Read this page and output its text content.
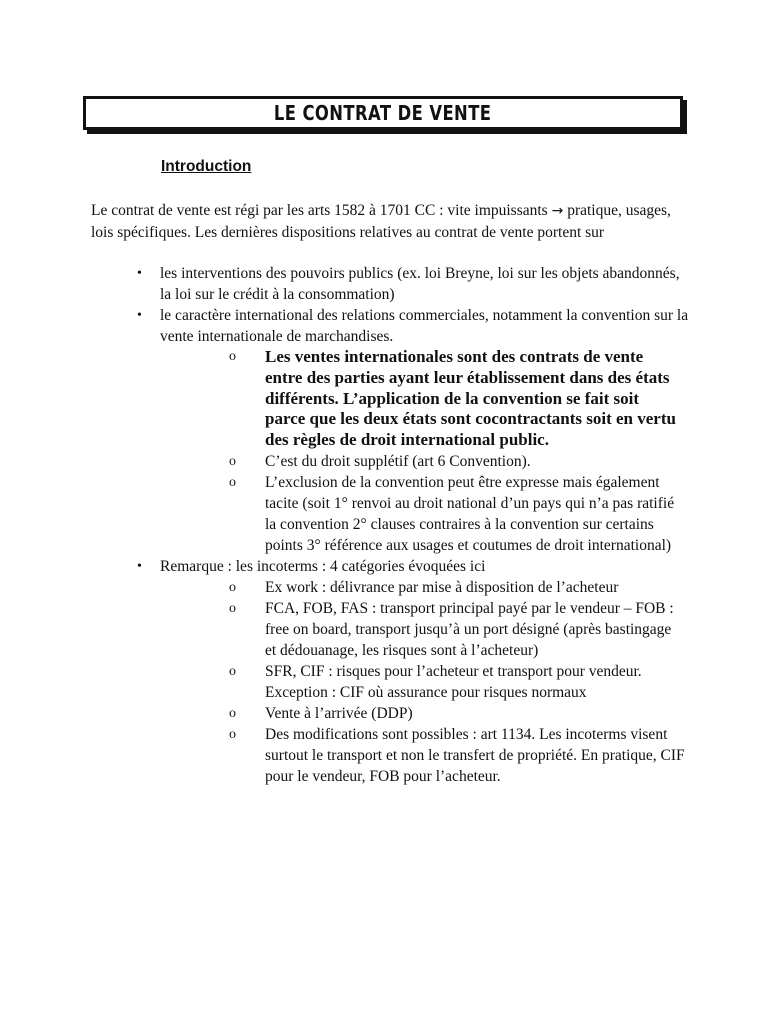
LE CONTRAT DE VENTE
Introduction
Le contrat de vente est régi par les arts 1582 à 1701 CC : vite impuissants → pratique, usages, lois spécifiques. Les dernières dispositions relatives au contrat de vente portent sur
• les interventions des pouvoirs publics (ex. loi Breyne, loi sur les objets abandonnés, la loi sur le crédit à la consommation)
• le caractère international des relations commerciales, notamment la convention sur la vente internationale de marchandises.
o Les ventes internationales sont des contrats de vente entre des parties ayant leur établissement dans des états différents. L’application de la convention se fait soit parce que les deux états sont cocontractants soit en vertu des règles de droit international public.
o C’est du droit supplétif (art 6 Convention).
o L’exclusion de la convention peut être expresse mais également tacite (soit 1° renvoi au droit national d’un pays qui n’a pas ratifié la convention 2° clauses contraires à la convention sur certains points 3° référence aux usages et coutumes de droit international)
• Remarque : les incoterms : 4 catégories évoquées ici
o Ex work : délivrance par mise à disposition de l’acheteur
o FCA, FOB, FAS : transport principal payé par le vendeur – FOB : free on board, transport jusqu’à un port désigné (après bastingage et dédouanage, les risques sont à l’acheteur)
o SFR, CIF : risques pour l’acheteur et transport pour vendeur. Exception : CIF où assurance pour risques normaux
o Vente à l’arrivée (DDP)
o Des modifications sont possibles : art 1134. Les incoterms visent surtout le transport et non le transfert de propriété. En pratique, CIF pour le vendeur, FOB pour l’acheteur.
